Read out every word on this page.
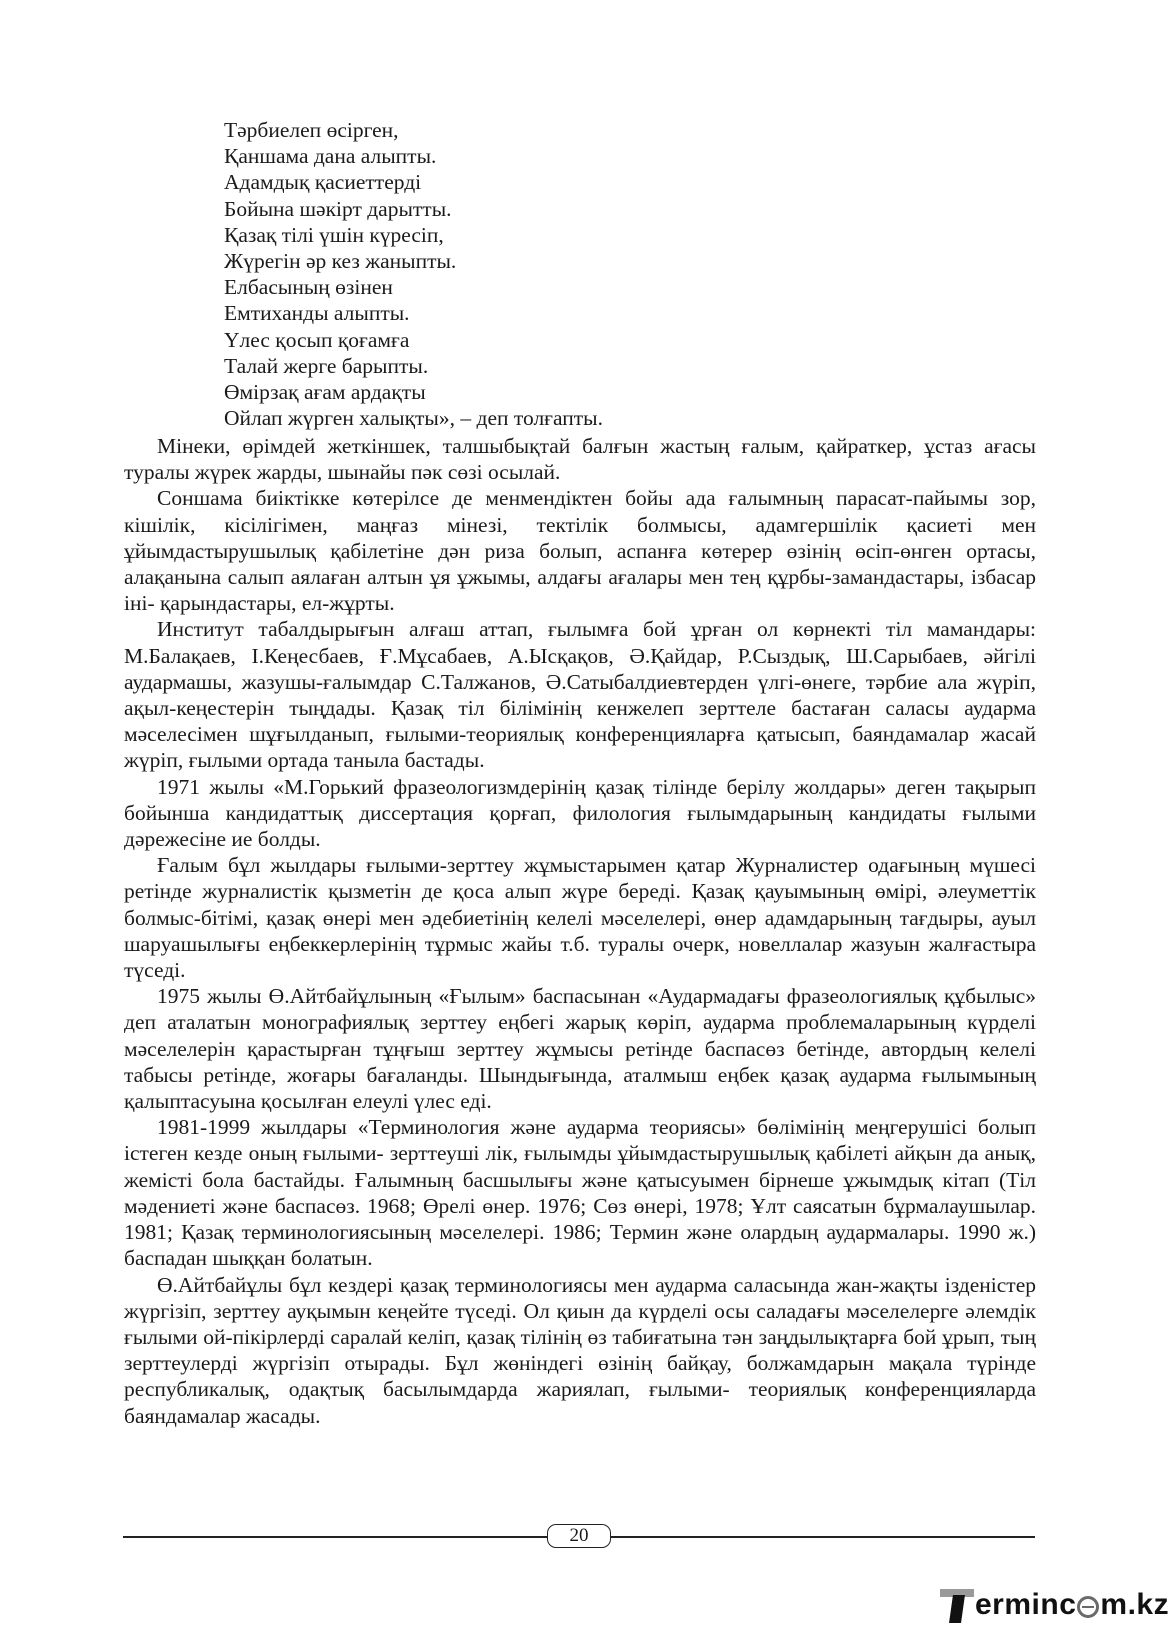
Тәрбиелеп өсірген,
Қаншама дана алыпты.
Адамдық қасиеттерді
Бойына шәкірт дарытты.
Қазақ тілі үшін күресіп,
Жүрегін әр кез жаныпты.
Елбасының өзінен
Емтиханды алыпты.
Үлес қосып қоғамға
Талай жерге барыпты.
Өмірзақ ағам ардақты
Ойлап жүрген халықты», – деп толғапты.

Мінеки, өрімдей жеткіншек, талшыбықтай балғын жастың ғалым, қайраткер, ұстаз ағасы туралы жүрек жарды, шынайы пәк сөзі осылай.

Соншама биіктікке көтерілсе де менмендіктен бойы ада ғалымның парасат-пайымы зор, кішілік, кісілігімен, маңғаз мінезі, тектілік болмысы, адамгершілік қасиеті мен ұйымдастырушылық қабілетіне дән риза болып, аспанға көтерер өзінің өсіп-өнген ортасы, алақанына салып аялаған алтын ұя ұжымы, алдағы ағалары мен тең құрбы-замандастары, ізбасар іні- қарындастары, ел-жұрты.

Институт табалдырығын алғаш аттап, ғылымға бой ұрған ол көрнекті тіл мамандары: М.Балақаев, І.Кеңесбаев, Ғ.Мұсабаев, А.Ысқақов, Ә.Қайдар, Р.Сыздық, Ш.Сарыбаев, әйгілі аудармашы, жазушы-ғалымдар С.Талжанов, Ә.Сатыбалдиевтерден үлгі-өнеге, тәрбие ала жүріп, ақыл-кеңестерін тыңдады. Қазақ тіл білімінің кенжелеп зерттеле бастаған саласы аударма мәселесімен шұғылданып, ғылыми-теориялық конференцияларға қатысып, баяндамалар жасай жүріп, ғылыми ортада таныла бастады.

1971 жылы «М.Горький фразеологизмдерінің қазақ тілінде берілу жолдары» деген тақырып бойынша кандидаттық диссертация қорғап, филология ғылымдарының кандидаты ғылыми дәрежесіне ие болды.

Ғалым бұл жылдары ғылыми-зерттеу жұмыстарымен қатар Журналистер одағының мүшесі ретінде журналистік қызметін де қоса алып жүре береді. Қазақ қауымының өмірі, әлеуметтік болмыс-бітімі, қазақ өнері мен әдебиетінің келелі мәселелері, өнер адамдарының тағдыры, ауыл шаруашылығы еңбеккерлерінің тұрмыс жайы т.б. туралы очерк, новеллалар жазуын жалғастыра түседі.

1975 жылы Ө.Айтбайұлының «Ғылым» баспасынан «Аудармадағы фразеологиялық құбылыс» деп аталатын монографиялық зерттеу еңбегі жарық көріп, аударма проблемаларының күрделі мәселелерін қарастырған тұңғыш зерттеу жұмысы ретінде баспасөз бетінде, автордың келелі табысы ретінде, жоғары бағаланды. Шындығында, аталмыш еңбек қазақ аударма ғылымының қалыптасуына қосылған елеулі үлес еді.

1981-1999 жылдары «Терминология және аударма теориясы» бөлімінің меңгерушісі болып істеген кезде оның ғылыми- зерттеуші лік, ғылымды ұйымдастырушылық қабілеті айқын да анық, жемісті бола бастайды. Ғалымның басшылығы және қатысуымен бірнеше ұжымдық кітап (Тіл мәдениеті және баспасөз. 1968; Өрелі өнер. 1976; Сөз өнері, 1978; Ұлт саясатын бұрмалаушылар. 1981; Қазақ терминологиясының мәселелері. 1986; Термин және олардың аудармалары. 1990 ж.) баспадан шыққан болатын.

Ө.Айтбайұлы бұл кездері қазақ терминологиясы мен аударма саласында жан-жақты ізденістер жүргізіп, зерттеу ауқымын кеңейте түседі. Ол қиын да күрделі осы саладағы мәселелерге әлемдік ғылыми ой-пікірлерді саралай келіп, қазақ тілінің өз табиғатына тән заңдылықтарға бой ұрып, тың зерттеулерді жүргізіп отырады. Бұл жөніндегі өзінің байқау, болжамдарын мақала түрінде республикалық, одақтық басылымдарда жариялап, ғылыми- теориялық конференцияларда баяндамалар жасады.

20
ermin c m.kz
